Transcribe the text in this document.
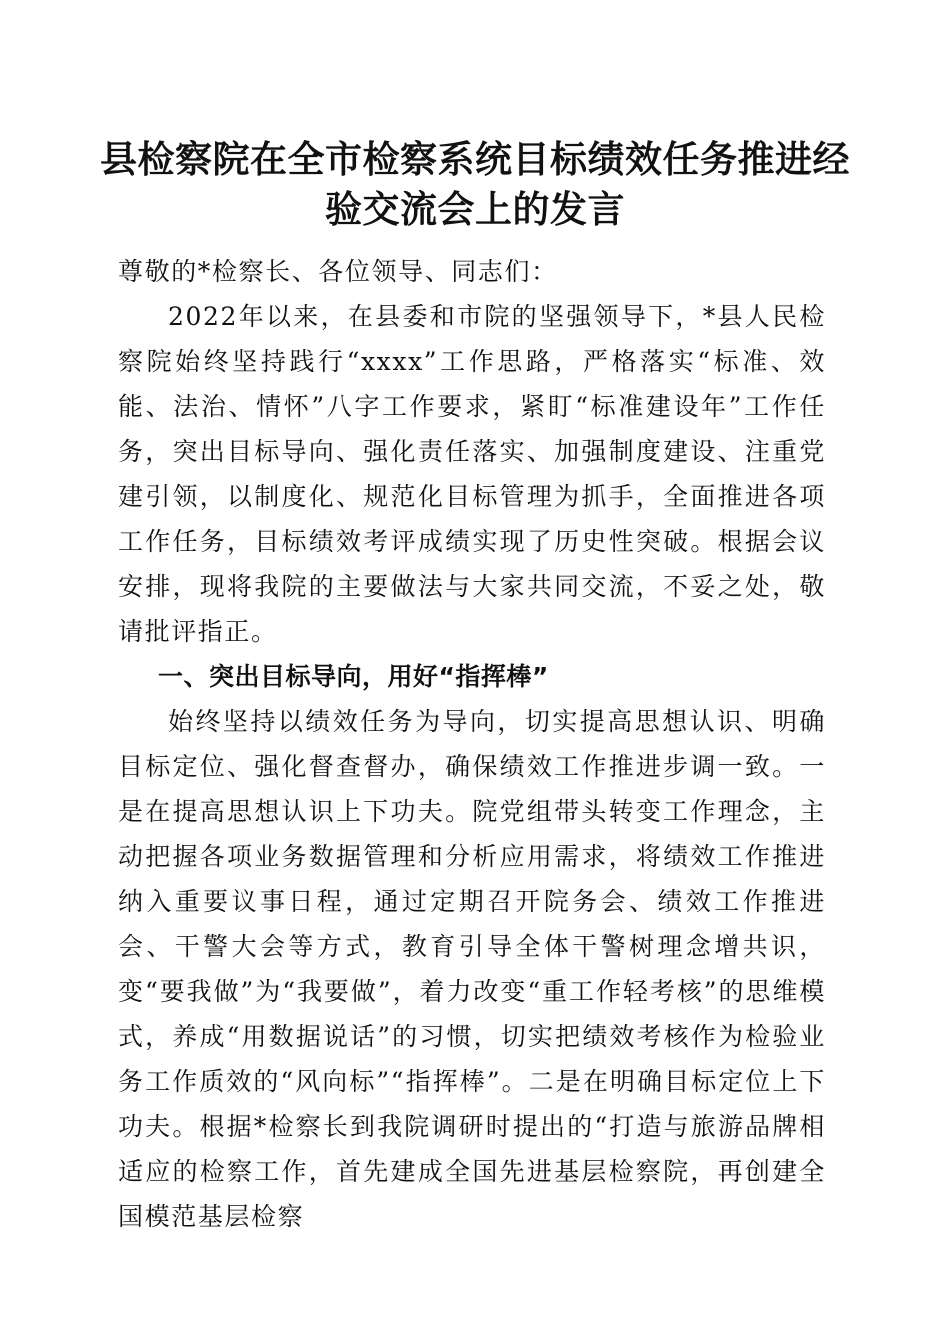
县检察院在全市检察系统目标绩效任务推进经验交流会上的发言

尊敬的*检察长、各位领导、同志们：

2022年以来，在县委和市院的坚强领导下，*县人民检察院始终坚持践行“xxxx”工作思路，严格落实“标准、效能、法治、情怀”八字工作要求，紧盯“标准建设年”工作任务，突出目标导向、强化责任落实、加强制度建设、注重党建引领，以制度化、规范化目标管理为抓手，全面推进各项工作任务，目标绩效考评成绩实现了历史性突破。根据会议安排，现将我院的主要做法与大家共同交流，不妥之处，敬请批评指正。

一、突出目标导向，用好“指挥棒”

始终坚持以绩效任务为导向，切实提高思想认识、明确目标定位、强化督查督办，确保绩效工作推进步调一致。一是在提高思想认识上下功夫。院党组带头转变工作理念，主动把握各项业务数据管理和分析应用需求，将绩效工作推进纳入重要议事日程，通过定期召开院务会、绩效工作推进会、干警大会等方式，教育引导全体干警树理念增共识，变“要我做”为“我要做”，着力改变“重工作轻考核”的思维模式，养成“用数据说话”的习惯，切实把绩效考核作为检验业务工作质效的“风向标”“指挥棒”。二是在明确目标定位上下功夫。根据*检察长到我院调研时提出的“打造与旅游品牌相适应的检察工作，首先建成全国先进基层检察院，再创建全国模范基层检察
